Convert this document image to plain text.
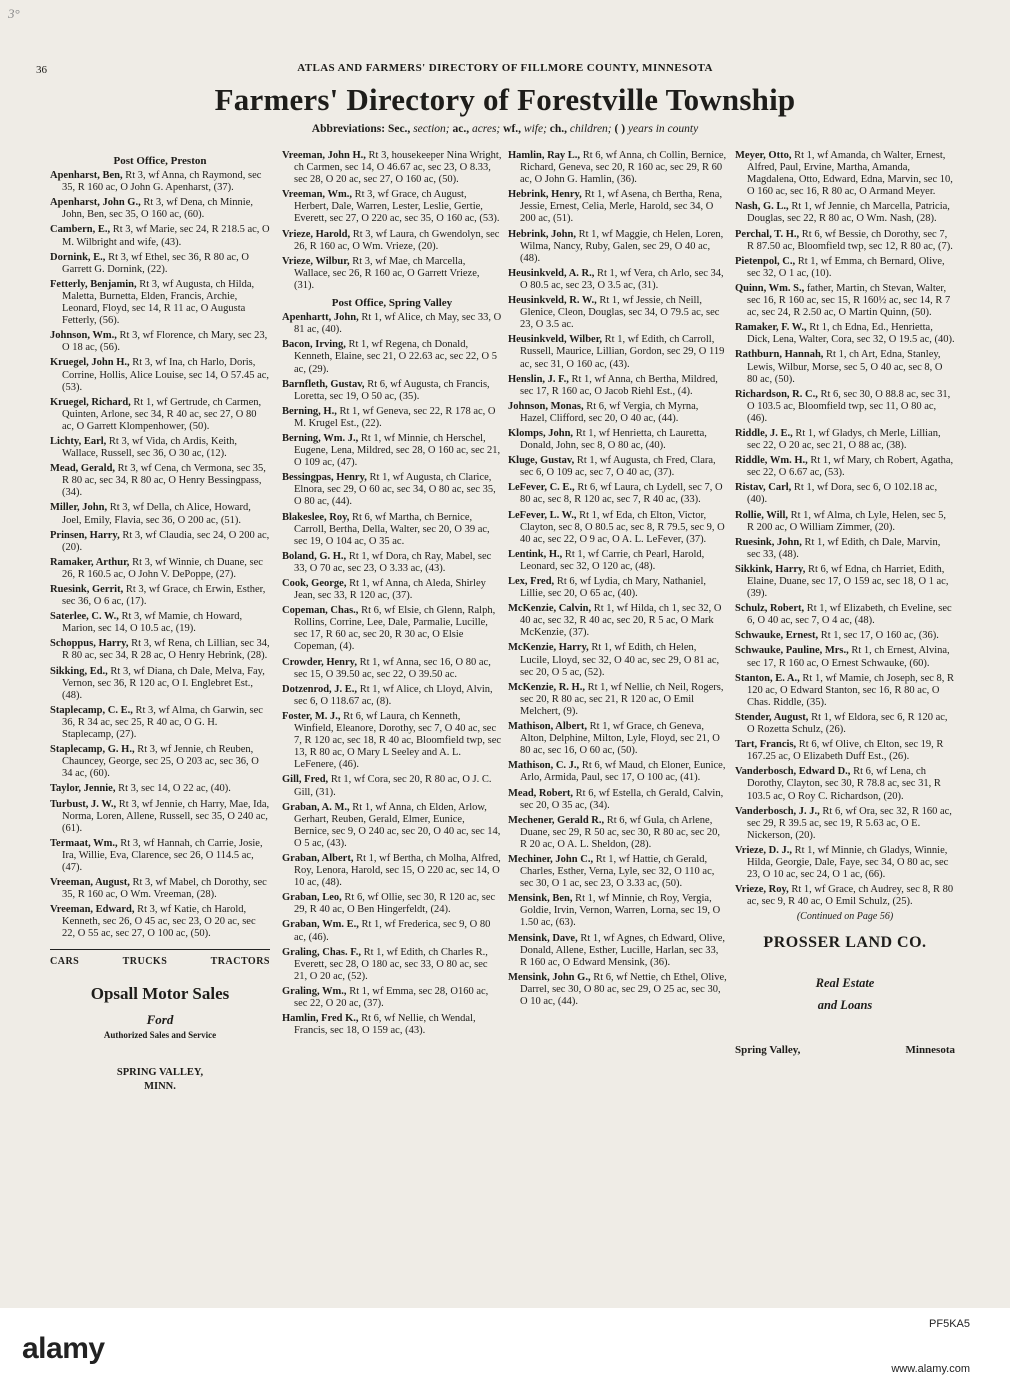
3°
36	ATLAS AND FARMERS' DIRECTORY OF FILLMORE COUNTY, MINNESOTA
Farmers' Directory of Forestville Township
Abbreviations: Sec., section; ac., acres; wf., wife; ch., children; ( ) years in county
Post Office, Preston
Apenharst, Ben, Rt 3, wf Anna, ch Raymond, sec 35, R 160 ac, O John G. Apenharst, (37).
Apenharst, John G., Rt 3, wf Dena, ch Minnie, John, Ben, sec 35, O 160 ac, (60).
Cambern, E., Rt 3, wf Marie, sec 24, R 218.5 ac, O M. Wilbright and wife, (43).
Dornink, E., Rt 3, wf Ethel, sec 36, R 80 ac, O Garrett G. Dornink, (22).
Fetterly, Benjamin, Rt 3, wf Augusta, ch Hilda, Maletta, Burnetta, Elden, Francis, Archie, Leonard, Floyd, sec 14, R 11 ac, O Augusta Fetterly, (56).
Johnson, Wm., Rt 3, wf Florence, ch Mary, sec 23, O 18 ac, (56).
Kruegel, John H., Rt 3, wf Ina, ch Harlo, Doris, Corrine, Hollis, Alice Louise, sec 14, O 57.45 ac, (53).
Kruegel, Richard, Rt 1, wf Gertrude, ch Carmen, Quinten, Arlone, sec 34, R 40 ac, sec 27, O 80 ac, O Garrett Klompenhower, (50).
Lichty, Earl, Rt 3, wf Vida, ch Ardis, Keith, Wallace, Russell, sec 36, O 30 ac, (12).
Mead, Gerald, Rt 3, wf Cena, ch Vermona, sec 35, R 80 ac, sec 34, R 80 ac, O Henry Bessingpass, (34).
Miller, John, Rt 3, wf Della, ch Alice, Howard, Joel, Emily, Flavia, sec 36, O 200 ac, (51).
Prinsen, Harry, Rt 3, wf Claudia, sec 24, O 200 ac, (20).
Ramaker, Arthur, Rt 3, wf Winnie, ch Duane, sec 26, R 160.5 ac, O John V. DePoppe, (27).
Ruesink, Gerrit, Rt 3, wf Grace, ch Erwin, Esther, sec 36, O 6 ac, (17).
Saterlee, C. W., Rt 3, wf Mamie, ch Howard, Marion, sec 14, O 10.5 ac, (19).
Schoppus, Harry, Rt 3, wf Rena, ch Lillian, sec 34, R 80 ac, sec 34, R 28 ac, O Henry Hebrink, (28).
Sikking, Ed., Rt 3, wf Diana, ch Dale, Melva, Fay, Vernon, sec 36, R 120 ac, O I. Englebret Est., (48).
Staplecamp, C. E., Rt 3, wf Alma, ch Garwin, sec 36, R 34 ac, sec 25, R 40 ac, O G. H. Staplecamp, (27).
Staplecamp, G. H., Rt 3, wf Jennie, ch Reuben, Chauncey, George, sec 25, O 203 ac, sec 36, O 34 ac, (60).
Taylor, Jennie, Rt 3, sec 14, O 22 ac, (40).
Turbust, J. W., Rt 3, wf Jennie, ch Harry, Mae, Ida, Norma, Loren, Allene, Russell, sec 35, O 240 ac, (61).
Termaat, Wm., Rt 3, wf Hannah, ch Carrie, Josie, Ira, Willie, Eva, Clarence, sec 26, O 114.5 ac, (47).
Vreeman, August, Rt 3, wf Mabel, ch Dorothy, sec 35, R 160 ac, O Wm. Vreeman, (28).
Vreeman, Edward, Rt 3, wf Katie, ch Harold, Kenneth, sec 26, O 45 ac, sec 23, O 20 ac, sec 22, O 55 ac, sec 27, O 100 ac, (50).
CARS	TRUCKS	TRACTORS
Opsall Motor Sales
Ford
Authorized Sales and Service
SPRING VALLEY,
MINN.
Vreeman, John H., Rt 3, housekeeper Nina Wright, ch Carmen, sec 14, O 46.67 ac, sec 23, O 8.33, sec 28, O 20 ac, sec 27, O 160 ac, (50).
Vreeman, Wm., Rt 3, wf Grace, ch August, Herbert, Dale, Warren, Lester, Leslie, Gertie, Everett, sec 27, O 220 ac, sec 35, O 160 ac, (53).
Vrieze, Harold, Rt 3, wf Laura, ch Gwendolyn, sec 26, R 160 ac, O Wm. Vrieze, (20).
Vrieze, Wilbur, Rt 3, wf Mae, ch Marcella, Wallace, sec 26, R 160 ac, O Garrett Vrieze, (31).
Post Office, Spring Valley
Apenhartt, John, Rt 1, wf Alice, ch May, sec 33, O 81 ac, (40).
Bacon, Irving, Rt 1, wf Regena, ch Donald, Kenneth, Elaine, sec 21, O 22.63 ac, sec 22, O 5 ac, (29).
Barnfleth, Gustav, Rt 6, wf Augusta, ch Francis, Loretta, sec 19, O 50 ac, (35).
Berning, H., Rt 1, wf Geneva, sec 22, R 178 ac, O M. Krugel Est., (22).
Berning, Wm. J., Rt 1, wf Minnie, ch Herschel, Eugene, Lena, Mildred, sec 28, O 160 ac, sec 21, O 109 ac, (47).
Bessingpas, Henry, Rt 1, wf Augusta, ch Clarice, Elnora, sec 29, O 60 ac, sec 34, O 80 ac, sec 35, O 80 ac, (44).
Blakeslee, Roy, Rt 6, wf Martha, ch Bernice, Carroll, Bertha, Della, Walter, sec 20, O 39 ac, sec 19, O 104 ac, O 35 ac.
Boland, G. H., Rt 1, wf Dora, ch Ray, Mabel, sec 33, O 70 ac, sec 23, O 3.33 ac, (43).
Cook, George, Rt 1, wf Anna, ch Aleda, Shirley Jean, sec 33, R 120 ac, (37).
Copeman, Chas., Rt 6, wf Elsie, ch Glenn, Ralph, Rollins, Corrine, Lee, Dale, Parmalie, Lucille, sec 17, R 60 ac, sec 20, R 30 ac, O Elsie Copeman, (4).
Crowder, Henry, Rt 1, wf Anna, sec 16, O 80 ac, sec 15, O 39.50 ac, sec 22, O 39.50 ac.
Dotzenrod, J. E., Rt 1, wf Alice, ch Lloyd, Alvin, sec 6, O 118.67 ac, (8).
Foster, M. J., Rt 6, wf Laura, ch Kenneth, Winfield, Eleanore, Dorothy, sec 7, O 40 ac, sec 7, R 120 ac, sec 18, R 40 ac, Bloomfield twp, sec 13, R 80 ac, O Mary L Seeley and A. L. LeFenere, (46).
Gill, Fred, Rt 1, wf Cora, sec 20, R 80 ac, O J. C. Gill, (31).
Graban, A. M., Rt 1, wf Anna, ch Elden, Arlow, Gerhart, Reuben, Gerald, Elmer, Eunice, Bernice, sec 9, O 240 ac, sec 20, O 40 ac, sec 14, O 5 ac, (43).
Graban, Albert, Rt 1, wf Bertha, ch Molha, Alfred, Roy, Lenora, Harold, sec 15, O 220 ac, sec 14, O 10 ac, (48).
Graban, Leo, Rt 6, wf Ollie, sec 30, R 120 ac, sec 29, R 40 ac, O Ben Hingerfeldt, (24).
Graban, Wm. E., Rt 1, wf Frederica, sec 9, O 80 ac, (46).
Graling, Chas. F., Rt 1, wf Edith, ch Charles R., Everett, sec 28, O 180 ac, sec 33, O 80 ac, sec 21, O 20 ac, (52).
Graling, Wm., Rt 1, wf Emma, sec 28, O160 ac, sec 22, O 20 ac, (37).
Hamlin, Fred K., Rt 6, wf Nellie, ch Wendal, Francis, sec 18, O 159 ac, (43).
Hamlin, Ray L., Rt 6, wf Anna, ch Collin, Bernice, Richard, Geneva, sec 20, R 160 ac, sec 29, R 60 ac, O John G. Hamlin, (36).
Hebrink, Henry, Rt 1, wf Asena, ch Bertha, Rena, Jessie, Ernest, Celia, Merle, Harold, sec 34, O 200 ac, (51).
Hebrink, John, Rt 1, wf Maggie, ch Helen, Loren, Wilma, Nancy, Ruby, Galen, sec 29, O 40 ac, (48).
Heusinkveld, A. R., Rt 1, wf Vera, ch Arlo, sec 34, O 80.5 ac, sec 23, O 3.5 ac, (31).
Heusinkveld, R. W., Rt 1, wf Jessie, ch Neill, Glenice, Cleon, Douglas, sec 34, O 79.5 ac, sec 23, O 3.5 ac.
Heusinkveld, Wilber, Rt 1, wf Edith, ch Carroll, Russell, Maurice, Lillian, Gordon, sec 29, O 119 ac, sec 31, O 160 ac, (43).
Henslin, J. F., Rt 1, wf Anna, ch Bertha, Mildred, sec 17, R 160 ac, O Jacob Riehl Est., (4).
Johnson, Monas, Rt 6, wf Vergia, ch Myrna, Hazel, Clifford, sec 20, O 40 ac, (44).
Klomps, John, Rt 1, wf Henrietta, ch Lauretta, Donald, John, sec 8, O 80 ac, (40).
Kluge, Gustav, Rt 1, wf Augusta, ch Fred, Clara, sec 6, O 109 ac, sec 7, O 40 ac, (37).
LeFever, C. E., Rt 6, wf Laura, ch Lydell, sec 7, O 80 ac, sec 8, R 120 ac, sec 7, R 40 ac, (33).
LeFever, L. W., Rt 1, wf Eda, ch Elton, Victor, Clayton, sec 8, O 80.5 ac, sec 8, R 79.5, sec 9, O 40 ac, sec 22, O 9 ac, O A. L. LeFever, (37).
Lentink, H., Rt 1, wf Carrie, ch Pearl, Harold, Leonard, sec 32, O 120 ac, (48).
Lex, Fred, Rt 6, wf Lydia, ch Mary, Nathaniel, Lillie, sec 20, O 65 ac, (40).
McKenzie, Calvin, Rt 1, wf Hilda, ch 1, sec 32, O 40 ac, sec 32, R 40 ac, sec 20, R 5 ac, O Mark McKenzie, (37).
McKenzie, Harry, Rt 1, wf Edith, ch Helen, Lucile, Lloyd, sec 32, O 40 ac, sec 29, O 81 ac, sec 20, O 5 ac, (52).
McKenzie, R. H., Rt 1, wf Nellie, ch Neil, Rogers, sec 20, R 80 ac, sec 21, R 120 ac, O Emil Melchert, (9).
Mathison, Albert, Rt 1, wf Grace, ch Geneva, Alton, Delphine, Milton, Lyle, Floyd, sec 21, O 80 ac, sec 16, O 60 ac, (50).
Mathison, C. J., Rt 6, wf Maud, ch Eloner, Eunice, Arlo, Armida, Paul, sec 17, O 100 ac, (41).
Mead, Robert, Rt 6, wf Estella, ch Gerald, Calvin, sec 20, O 35 ac, (34).
Mechener, Gerald R., Rt 6, wf Gula, ch Arlene, Duane, sec 29, R 50 ac, sec 30, R 80 ac, sec 20, R 20 ac, O A. L. Sheldon, (28).
Mechiner, John C., Rt 1, wf Hattie, ch Gerald, Charles, Esther, Verna, Lyle, sec 32, O 110 ac, sec 30, O 1 ac, sec 23, O 3.33 ac, (50).
Mensink, Ben, Rt 1, wf Minnie, ch Roy, Vergia, Goldie, Irvin, Vernon, Warren, Lorna, sec 19, O 1.50 ac, (63).
Mensink, Dave, Rt 1, wf Agnes, ch Edward, Olive, Donald, Allene, Esther, Lucille, Harlan, sec 33, R 160 ac, O Edward Mensink, (36).
Mensink, John G., Rt 6, wf Nettie, ch Ethel, Olive, Darrel, sec 30, O 80 ac, sec 29, O 25 ac, sec 30, O 10 ac, (44).
Meyer, Otto, Rt 1, wf Amanda, ch Walter, Ernest, Alfred, Paul, Ervine, Martha, Amanda, Magdalena, Otto, Edward, Edna, Marvin, sec 10, O 160 ac, sec 16, R 80 ac, O Armand Meyer.
Nash, G. L., Rt 1, wf Jennie, ch Marcella, Patricia, Douglas, sec 22, R 80 ac, O Wm. Nash, (28).
Perchal, T. H., Rt 6, wf Bessie, ch Dorothy, sec 7, R 87.50 ac, Bloomfield twp, sec 12, R 80 ac, (7).
Pietenpol, C., Rt 1, wf Emma, ch Bernard, Olive, sec 32, O 1 ac, (10).
Quinn, Wm. S., father, Martin, ch Stevan, Walter, sec 16, R 160 ac, sec 15, R 160½ ac, sec 14, R 7 ac, sec 24, R 2.50 ac, O Martin Quinn, (50).
Ramaker, F. W., Rt 1, ch Edna, Ed., Henrietta, Dick, Lena, Walter, Cora, sec 32, O 19.5 ac, (40).
Rathburn, Hannah, Rt 1, ch Art, Edna, Stanley, Lewis, Wilbur, Morse, sec 5, O 40 ac, sec 8, O 80 ac, (50).
Richardson, R. C., Rt 6, sec 30, O 88.8 ac, sec 31, O 103.5 ac, Bloomfield twp, sec 11, O 80 ac, (46).
Riddle, J. E., Rt 1, wf Gladys, ch Merle, Lillian, sec 22, O 20 ac, sec 21, O 88 ac, (38).
Riddle, Wm. H., Rt 1, wf Mary, ch Robert, Agatha, sec 22, O 6.67 ac, (53).
Ristav, Carl, Rt 1, wf Dora, sec 6, O 102.18 ac, (40).
Rollie, Will, Rt 1, wf Alma, ch Lyle, Helen, sec 5, R 200 ac, O William Zimmer, (20).
Ruesink, John, Rt 1, wf Edith, ch Dale, Marvin, sec 33, (48).
Sikkink, Harry, Rt 6, wf Edna, ch Harriet, Edith, Elaine, Duane, sec 17, O 159 ac, sec 18, O 1 ac, (39).
Schulz, Robert, Rt 1, wf Elizabeth, ch Eveline, sec 6, O 40 ac, sec 7, O 4 ac, (48).
Schwauke, Ernest, Rt 1, sec 17, O 160 ac, (36).
Schwauke, Pauline, Mrs., Rt 1, ch Ernest, Alvina, sec 17, R 160 ac, O Ernest Schwauke, (60).
Stanton, E. A., Rt 1, wf Mamie, ch Joseph, sec 8, R 120 ac, O Edward Stanton, sec 16, R 80 ac, O Chas. Riddle, (35).
Stender, August, Rt 1, wf Eldora, sec 6, R 120 ac, O Rozetta Schulz, (26).
Tart, Francis, Rt 6, wf Olive, ch Elton, sec 19, R 167.25 ac, O Elizabeth Duff Est., (26).
Vanderbosch, Edward D., Rt 6, wf Lena, ch Dorothy, Clayton, sec 30, R 78.8 ac, sec 31, R 103.5 ac, O Roy C. Richardson, (20).
Vanderbosch, J. J., Rt 6, wf Ora, sec 32, R 160 ac, sec 29, R 39.5 ac, sec 19, R 5.63 ac, O E. Nickerson, (20).
Vrieze, D. J., Rt 1, wf Minnie, ch Gladys, Winnie, Hilda, Georgie, Dale, Faye, sec 34, O 80 ac, sec 23, O 10 ac, sec 24, O 1 ac, (66).
Vrieze, Roy, Rt 1, wf Grace, ch Audrey, sec 8, R 80 ac, sec 9, R 40 ac, O Emil Schulz, (25).
(Continued on Page 56)
PROSSER LAND CO.
Real Estate
and Loans
Spring Valley,	Minnesota
alamy
PF5KA5
www.alamy.com
